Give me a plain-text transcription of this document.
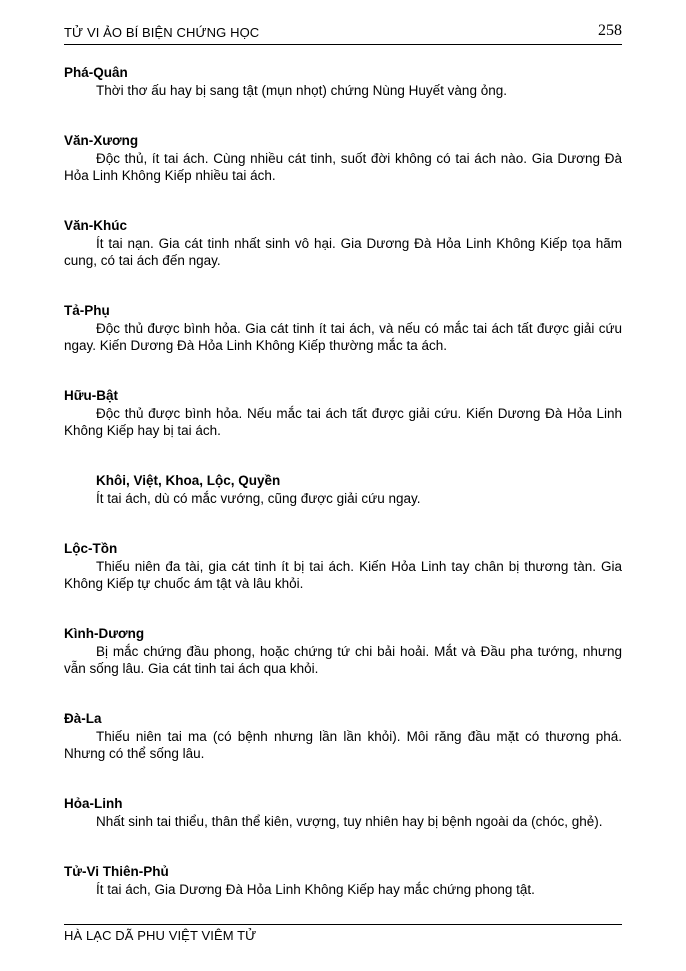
TỬ VI ẢO BÍ BIỆN CHỨNG HỌC	258
Phá-Quân

Thời thơ ấu hay bị sang tật (mụn nhọt) chứng Nùng Huyết vàng ỏng.

Văn-Xương

Độc thủ, ít tai ách. Cùng nhiều cát tinh, suốt đời không có tai ách nào. Gia Dương Đà Hỏa Linh Không Kiếp nhiều tai ách.

Văn-Khúc

Ít tai nạn. Gia cát tinh nhất sinh vô hại. Gia Dương Đà Hỏa Linh Không Kiếp tọa hãm cung, có tai ách đến ngay.

Tả-Phụ

Độc thủ được bình hỏa. Gia cát tinh ít tai ách, và nếu có mắc tai ách tất được giải cứu ngay. Kiến Dương Đà Hỏa Linh Không Kiếp thường mắc ta ách.

Hữu-Bật

Độc thủ được bình hỏa. Nếu mắc tai ách tất được giải cứu. Kiến Dương Đà Hỏa Linh Không Kiếp hay bị tai ách.

Khôi, Việt, Khoa, Lộc, Quyền

Ít tai ách, dù có mắc vướng, cũng được giải cứu ngay.

Lộc-Tồn

Thiếu niên đa tài, gia cát tinh ít bị tai ách. Kiến Hỏa Linh tay chân bị thương tàn. Gia Không Kiếp tự chuốc ám tật và lâu khỏi.

Kình-Dương

Bị mắc chứng đầu phong, hoặc chứng tứ chi bải hoải. Mắt và Đầu pha tướng, nhưng vẫn sống lâu. Gia cát tinh tai ách qua khỏi.

Đà-La

Thiếu niên tai ma (có bệnh nhưng lần lần khỏi). Môi răng đầu mặt có thương phá. Nhưng có thể sống lâu.

Hỏa-Linh

Nhất sinh tai thiểu, thân thể kiên, vượng, tuy nhiên hay bị bệnh ngoài da (chóc, ghẻ).

Tử-Vi Thiên-Phủ

Ít tai ách, Gia Dương Đà Hỏa Linh Không Kiếp hay mắc chứng phong tật.

HÀ LẠC DÃ PHU VIỆT VIÊM TỬ
